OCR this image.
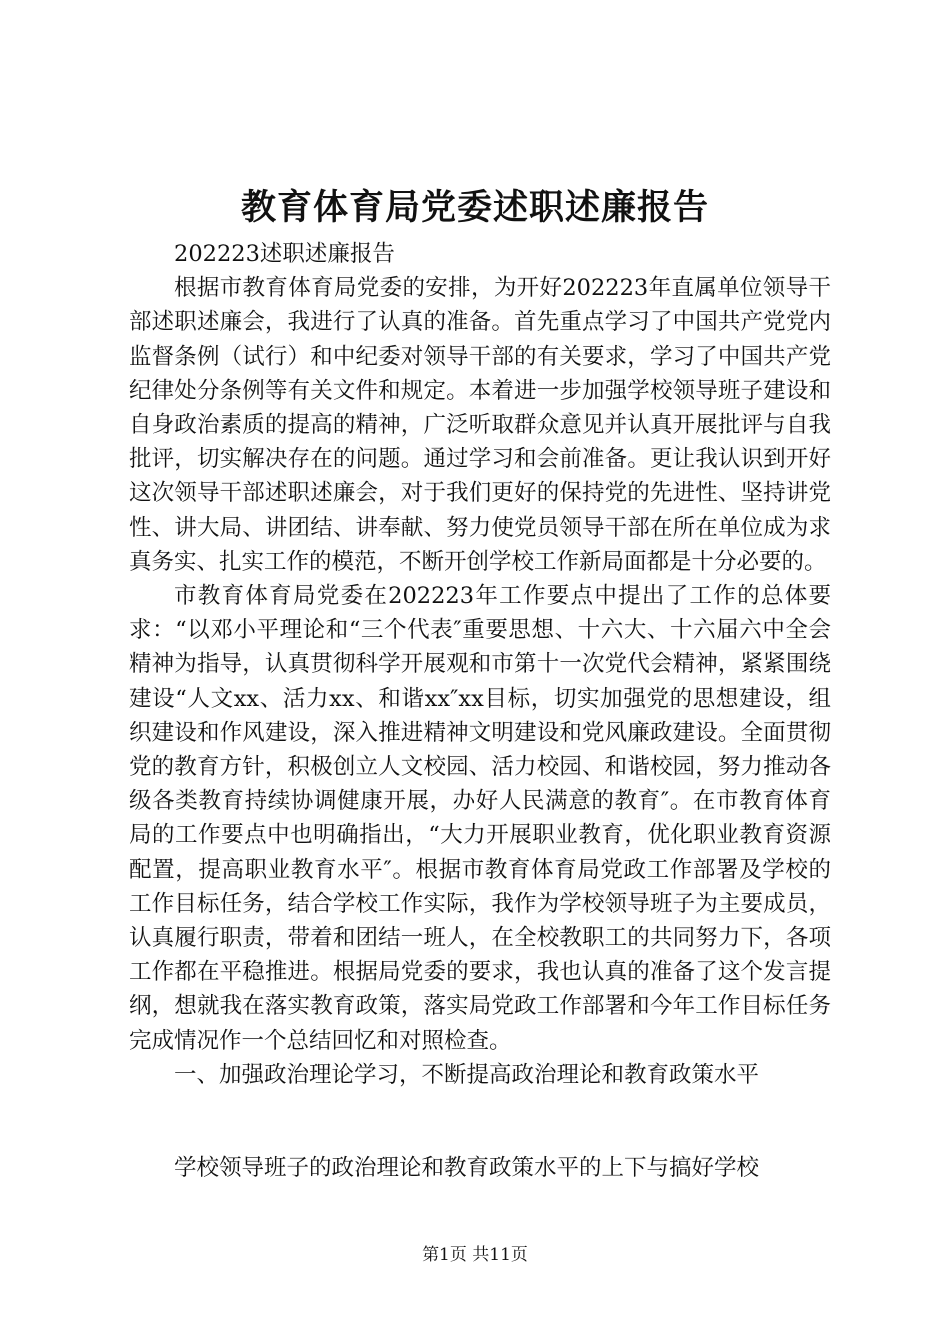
教育体育局党委述职述廉报告

202223述职述廉报告

根据市教育体育局党委的安排，为开好202223年直属单位领导干部述职述廉会，我进行了认真的准备。首先重点学习了中国共产党党内监督条例（试行）和中纪委对领导干部的有关要求，学习了中国共产党纪律处分条例等有关文件和规定。本着进一步加强学校领导班子建设和自身政治素质的提高的精神，广泛听取群众意见并认真开展批评与自我批评，切实解决存在的问题。通过学习和会前准备。更让我认识到开好这次领导干部述职述廉会，对于我们更好的保持党的先进性、坚持讲党性、讲大局、讲团结、讲奉献、努力使党员领导干部在所在单位成为求真务实、扎实工作的模范，不断开创学校工作新局面都是十分必要的。

市教育体育局党委在202223年工作要点中提出了工作的总体要求：“以邓小平理论和“三个代表″重要思想、十六大、十六届六中全会精神为指导，认真贯彻科学开展观和市第十一次党代会精神，紧紧围绕建设“人文xx、活力xx、和谐xx″xx目标，切实加强党的思想建设，组织建设和作风建设，深入推进精神文明建设和党风廉政建设。全面贯彻党的教育方针，积极创立人文校园、活力校园、和谐校园，努力推动各级各类教育持续协调健康开展，办好人民满意的教育″。在市教育体育局的工作要点中也明确指出，“大力开展职业教育，优化职业教育资源配置，提高职业教育水平″。根据市教育体育局党政工作部署及学校的工作目标任务，结合学校工作实际，我作为学校领导班子为主要成员，认真履行职责，带着和团结一班人，在全校教职工的共同努力下，各项工作都在平稳推进。根据局党委的要求，我也认真的准备了这个发言提纲，想就我在落实教育政策，落实局党政工作部署和今年工作目标任务完成情况作一个总结回忆和对照检查。

一、加强政治理论学习，不断提高政治理论和教育政策水平

学校领导班子的政治理论和教育政策水平的上下与搞好学校

第1页 共11页
